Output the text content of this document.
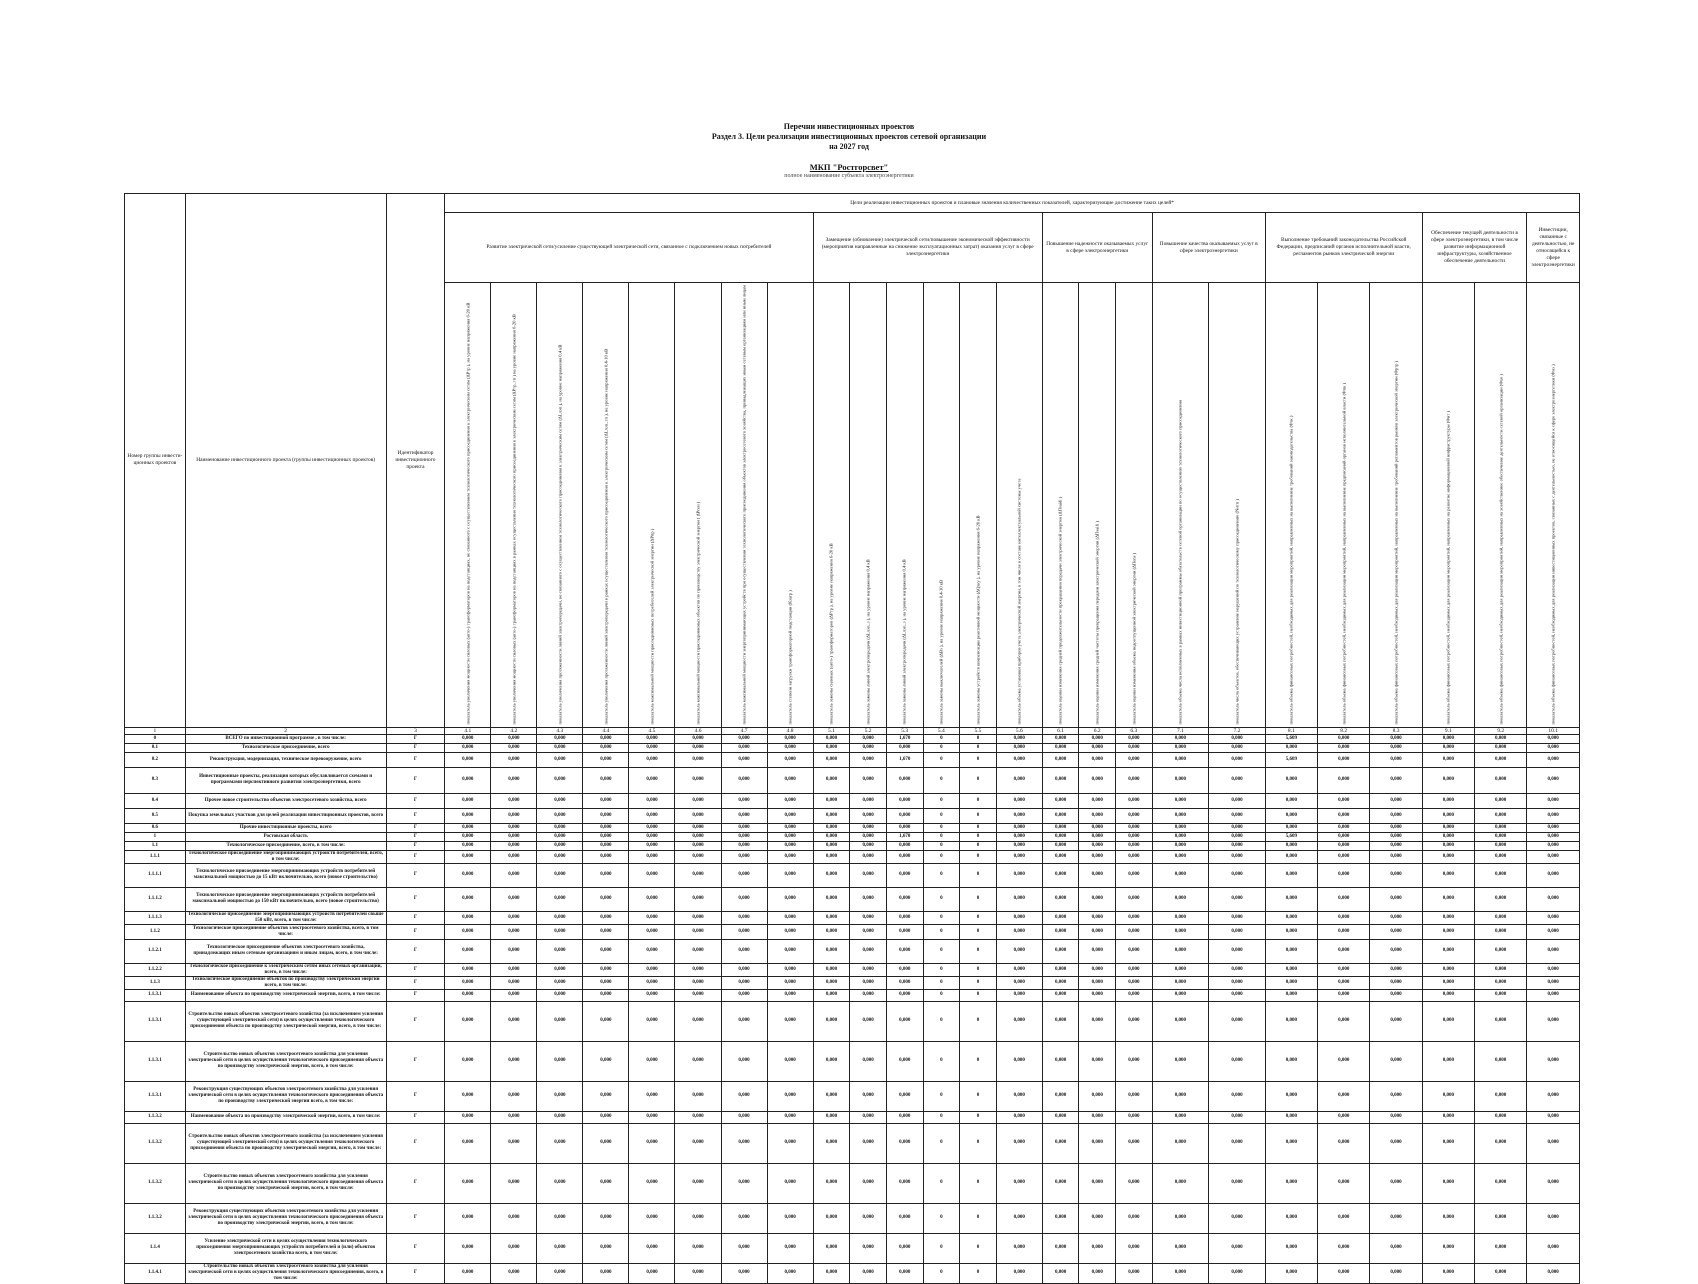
Перечни инвестиционных проектов
Раздел 3. Цели реализации инвестиционных проектов сетевой организации
на 2027 год
МКП "Ростгорсвет"
полное наименование субъекта электроэнергетики
Номер группы инвести-ционных проектов	Наименование инвестиционного проекта (группы инвестиционных проектов)	Идентификатор инвестиционного проекта	Цели реализации инвестиционных проектов и плановые значения количественных показателей, характеризующие достижение таких целей*																								
			Развитие электрической сети/усиление существующей электрической сети, связанное с подключением новых потребителей								Замещение (обновление) электрической сети/повышение экономической эффективности (мероприятия направленные на снижение эксплуатационных затрат) оказания услуг в сфере электроэнергетики						Повышение надежности оказываемых услуг в сфере электроэнергетики			Повышение качества оказываемых услуг в сфере электроэнергетики		Выполнение требований законодательства Российской Федерации, предписаний органов исполнительной власти, регламентов рынков электрической энергии			Обеспечение текущей деятельности в сфере электроэнергетики, в том числе развитие информационной инфраструктуры, хозяйственное обеспечение деятельности		Инвестиции, связанные с деятельностью, не относящейся к сфере электроэнергетики
			показатель увеличения мощности силовых (авто-) трансформаторов на подстанциях, не связанного с осуществлением технологического присоединения к электрическим сетям (ΔРтр ), на уровне напряжения 6-20 кВ	показатель увеличения мощности силовых (авто-) трансформаторов на подстанциях в рамках осуществления технологического присоединения к электрическим сетям (ΔPтр_тп ) на уровне напряжения 6-20 кВ	показатель увеличения протяженности линий электропередачи, не связанного с осуществлением технологического присоединения к электрическим сетям (ΔLлэп ), на уровне напряжения 0,4 кВ	показатель увеличения протяженности линий электропередачи в рамках осуществления технологического присоединения к электрическим сетям (ΔLлэп_тп ), на уровне напряжения 0,4-10 кВ	показатель максимальной мощности присоединяемых потребителей электрической энергии (ΔPпр )	показатель максимальной мощности присоединяемых объектов по производству электрической энергии ( ΔPген )	показатель максимальной мощности энергопринимающих устройств при осуществлении технологического присоединения объектов электросетевого хозяйства, принадлежащих иным сетевым организациям или иным лицам	показатель степени загрузки трансформаторной подстанции (Кзагр )	показатель замены силовых (авто-) трансформаторов (ΔPтр ), на уровне напряжения 6-20 кВ	показатель замены линий электропередачи (ΔLлэп_з ), на уровне напряжения 0,4 кВ	показатель замены линий электропередачи (ΔLлэп_з ), на уровне напряжения 0,4 кВ	показатель замены выключателей (ΔВз ), на уровне напряжения 0,4-10 кВ	показатель замены устройств компенсации реактивной мощности (ΔQзку ), на уровне напряжения 6-20 кВ	показатель объема установки приборов учета электрической энергии, в том числе в составе интеллектуальной системы учета	показатель оценки изменения средней продолжительности прекращения передачи электрической энергии (ΔПsaidi )	показатель оценки изменения средней частоты прекращения передачи электрической энергии (ΔПsaifi )	показатель оценки изменения объема недоотпущенной электрической энергии (ΔПens )	показатель объема числа исполненных в рамках инвестиционной программы обязательств сетевой организации по осуществлению технологического присоединения	показатель числа объектов, обеспечивающих устранение нарушений по технологическому присоединению (Nнтп )	показатель объема финансовых потребностей, необходимых для реализации мероприятий, направленных на выполнение требований законодательства (Фзк )	показатель объема финансовых потребностей, необходимых для реализации мероприятий, направленных на выполнение предписаний органов исполнительной власти (Фпк )	показатель объема финансовых потребностей, необходимых для реализации мероприятий, направленных на выполнение требований регламентов рынков электрической энергии (Фртр )	показатель объема финансовых потребностей, необходимых для реализации мероприятий, направленных на развитие информационной инфраструктуры (Фит )	показатель объема финансовых потребностей, необходимых для реализации мероприятий, направленных на хозяйственное обеспечение деятельности сетевой организации (Фхо )	показатель объема финансовых потребностей, необходимых для реализации инвестиционных проектов, связанных с деятельностью, не относящейся к сфере электроэнергетики (Фнэ )
1	2	3	4.1	4.2	4.3	4.4	4.5	4.6	4.7	4.8	5.1	5.2	5.3	5.4	5.5	5.6	6.1	6.2	6.3	7.1	7.2	8.1	8.2	8.3	9.1	9.2	10.1
0	ВСЕГО по инвестиционной программе , в том числе:	Г	0,000	0,000	0,000	0,000	0,000	0,000	0,000	0,000	0,000	0,000	1,670	0	0	0,000	0,000	0,000	0,000	0,000	0,000	5,609	0,000	0,000	0,000	0,000	0,000
0.1	Технологическое присоединение, всего	Г	0,000	0,000	0,000	0,000	0,000	0,000	0,000	0,000	0,000	0,000	0,000	0	0	0,000	0,000	0,000	0,000	0,000	0,000	0,000	0,000	0,000	0,000	0,000	0,000
0.2	Реконструкция, модернизация, техническое перевооружение, всего	Г	0,000	0,000	0,000	0,000	0,000	0,000	0,000	0,000	0,000	0,000	1,670	0	0	0,000	0,000	0,000	0,000	0,000	0,000	5,609	0,000	0,000	0,000	0,000	0,000
0.3	Инвестиционные проекты, реализация которых обуславливается схемами и программами перспективного развития электроэнергетики, всего	Г	0,000	0,000	0,000	0,000	0,000	0,000	0,000	0,000	0,000	0,000	0,000	0	0	0,000	0,000	0,000	0,000	0,000	0,000	0,000	0,000	0,000	0,000	0,000	0,000
0.4	Прочее новое строительство объектов электросетевого хозяйства, всего	Г	0,000	0,000	0,000	0,000	0,000	0,000	0,000	0,000	0,000	0,000	0,000	0	0	0,000	0,000	0,000	0,000	0,000	0,000	0,000	0,000	0,000	0,000	0,000	0,000
0.5	Покупка земельных участков для целей реализации инвестиционных проектов, всего	Г	0,000	0,000	0,000	0,000	0,000	0,000	0,000	0,000	0,000	0,000	0,000	0	0	0,000	0,000	0,000	0,000	0,000	0,000	0,000	0,000	0,000	0,000	0,000	0,000
0.6	Прочие инвестиционные проекты, всего	Г	0,000	0,000	0,000	0,000	0,000	0,000	0,000	0,000	0,000	0,000	0,000	0	0	0,000	0,000	0,000	0,000	0,000	0,000	0,000	0,000	0,000	0,000	0,000	0,000
1	Ростовская область	Г	0,000	0,000	0,000	0,000	0,000	0,000	0,000	0,000	0,000	0,000	1,670	0	0	0,000	0,000	0,000	0,000	0,000	0,000	5,609	0,000	0,000	0,000	0,000	0,000
1.1	Технологическое присоединение, всего, в том числе:	Г	0,000	0,000	0,000	0,000	0,000	0,000	0,000	0,000	0,000	0,000	0,000	0	0	0,000	0,000	0,000	0,000	0,000	0,000	0,000	0,000	0,000	0,000	0,000	0,000
1.1.1	Технологическое присоединение энергопринимающих устройств потребителей, всего, в том числе:	Г	0,000	0,000	0,000	0,000	0,000	0,000	0,000	0,000	0,000	0,000	0,000	0	0	0,000	0,000	0,000	0,000	0,000	0,000	0,000	0,000	0,000	0,000	0,000	0,000
1.1.1.1	Технологическое присоединение энергопринимающих устройств потребителей максимальной мощностью до 15 кВт включительно, всего (новое строительство)	Г	0,000	0,000	0,000	0,000	0,000	0,000	0,000	0,000	0,000	0,000	0,000	0	0	0,000	0,000	0,000	0,000	0,000	0,000	0,000	0,000	0,000	0,000	0,000	0,000
1.1.1.2	Технологическое присоединение энергопринимающих устройств потребителей максимальной мощностью до 150 кВт включительно, всего (новое строительство)	Г	0,000	0,000	0,000	0,000	0,000	0,000	0,000	0,000	0,000	0,000	0,000	0	0	0,000	0,000	0,000	0,000	0,000	0,000	0,000	0,000	0,000	0,000	0,000	0,000
1.1.1.3	Технологическое присоединение энергопринимающих устройств потребителей свыше 150 кВт, всего, в том числе:	Г	0,000	0,000	0,000	0,000	0,000	0,000	0,000	0,000	0,000	0,000	0,000	0	0	0,000	0,000	0,000	0,000	0,000	0,000	0,000	0,000	0,000	0,000	0,000	0,000
1.1.2	Технологическое присоединение объектов электросетевого хозяйства, всего, в том числе:	Г	0,000	0,000	0,000	0,000	0,000	0,000	0,000	0,000	0,000	0,000	0,000	0	0	0,000	0,000	0,000	0,000	0,000	0,000	0,000	0,000	0,000	0,000	0,000	0,000
1.1.2.1	Технологическое присоединение объектов электросетевого хозяйства, принадлежащих иным сетевым организациям и иным лицам, всего, в том числе:	Г	0,000	0,000	0,000	0,000	0,000	0,000	0,000	0,000	0,000	0,000	0,000	0	0	0,000	0,000	0,000	0,000	0,000	0,000	0,000	0,000	0,000	0,000	0,000	0,000
1.1.2.2	Технологическое присоединение к электрическим сетям иных сетевых организаций, всего, в том числе:	Г	0,000	0,000	0,000	0,000	0,000	0,000	0,000	0,000	0,000	0,000	0,000	0	0	0,000	0,000	0,000	0,000	0,000	0,000	0,000	0,000	0,000	0,000	0,000	0,000
1.1.3	Технологическое присоединение объектов по производству электрической энергии всего, в том числе:	Г	0,000	0,000	0,000	0,000	0,000	0,000	0,000	0,000	0,000	0,000	0,000	0	0	0,000	0,000	0,000	0,000	0,000	0,000	0,000	0,000	0,000	0,000	0,000	0,000
1.1.3.1	Наименование объекта по производству электрической энергии, всего, в том числе:	Г	0,000	0,000	0,000	0,000	0,000	0,000	0,000	0,000	0,000	0,000	0,000	0	0	0,000	0,000	0,000	0,000	0,000	0,000	0,000	0,000	0,000	0,000	0,000	0,000
1.1.3.1	Строительство новых объектов электросетевого хозяйства (за исключением усиления существующей электрической сети) в целях осуществления технологического присоединения объекта по производству электрической энергии, всего, в том числе:	Г	0,000	0,000	0,000	0,000	0,000	0,000	0,000	0,000	0,000	0,000	0,000	0	0	0,000	0,000	0,000	0,000	0,000	0,000	0,000	0,000	0,000	0,000	0,000	0,000
1.1.3.1	Строительство новых объектов электросетевого хозяйства для усиления электрической сети в целях осуществления технологического присоединения объекта по производству электрической энергии, всего, в том числе:	Г	0,000	0,000	0,000	0,000	0,000	0,000	0,000	0,000	0,000	0,000	0,000	0	0	0,000	0,000	0,000	0,000	0,000	0,000	0,000	0,000	0,000	0,000	0,000	0,000
1.1.3.1	Реконструкция существующих объектов электросетевого хозяйства для усиления электрической сети в целях осуществления технологического присоединения объекта по производству электрической энергии всего, в том числе:	Г	0,000	0,000	0,000	0,000	0,000	0,000	0,000	0,000	0,000	0,000	0,000	0	0	0,000	0,000	0,000	0,000	0,000	0,000	0,000	0,000	0,000	0,000	0,000	0,000
1.1.3.2	Наименование объекта по производству электрической энергии, всего, в том числе:	Г	0,000	0,000	0,000	0,000	0,000	0,000	0,000	0,000	0,000	0,000	0,000	0	0	0,000	0,000	0,000	0,000	0,000	0,000	0,000	0,000	0,000	0,000	0,000	0,000
1.1.3.2	Строительство новых объектов электросетевого хозяйства (за исключением усиления существующей электрической сети) в целях осуществления технологического присоединения объекта по производству электрической энергии, всего, в том числе:	Г	0,000	0,000	0,000	0,000	0,000	0,000	0,000	0,000	0,000	0,000	0,000	0	0	0,000	0,000	0,000	0,000	0,000	0,000	0,000	0,000	0,000	0,000	0,000	0,000
1.1.3.2	Строительство новых объектов электросетевого хозяйства для усиления электрической сети в целях осуществления технологического присоединения объекта по производству электрической энергии, всего, в том числе:	Г	0,000	0,000	0,000	0,000	0,000	0,000	0,000	0,000	0,000	0,000	0,000	0	0	0,000	0,000	0,000	0,000	0,000	0,000	0,000	0,000	0,000	0,000	0,000	0,000
1.1.3.2	Реконструкция существующих объектов электросетевого хозяйства для усиления электрической сети в целях осуществления технологического присоединения объекта по производству электрической энергии, всего, в том числе:	Г	0,000	0,000	0,000	0,000	0,000	0,000	0,000	0,000	0,000	0,000	0,000	0	0	0,000	0,000	0,000	0,000	0,000	0,000	0,000	0,000	0,000	0,000	0,000	0,000
1.1.4	Усиление электрической сети в целях осуществления технологического присоединения энергопринимающих устройств потребителей и (или) объектов электросетевого хозяйства всего, в том числе:	Г	0,000	0,000	0,000	0,000	0,000	0,000	0,000	0,000	0,000	0,000	0,000	0	0	0,000	0,000	0,000	0,000	0,000	0,000	0,000	0,000	0,000	0,000	0,000	0,000
1.1.4.1	Строительство новых объектов электросетевого хозяйства для усиления электрической сети в целях осуществления технологического присоединения, всего, в том числе:	Г	0,000	0,000	0,000	0,000	0,000	0,000	0,000	0,000	0,000	0,000	0,000	0	0	0,000	0,000	0,000	0,000	0,000	0,000	0,000	0,000	0,000	0,000	0,000	0,000
